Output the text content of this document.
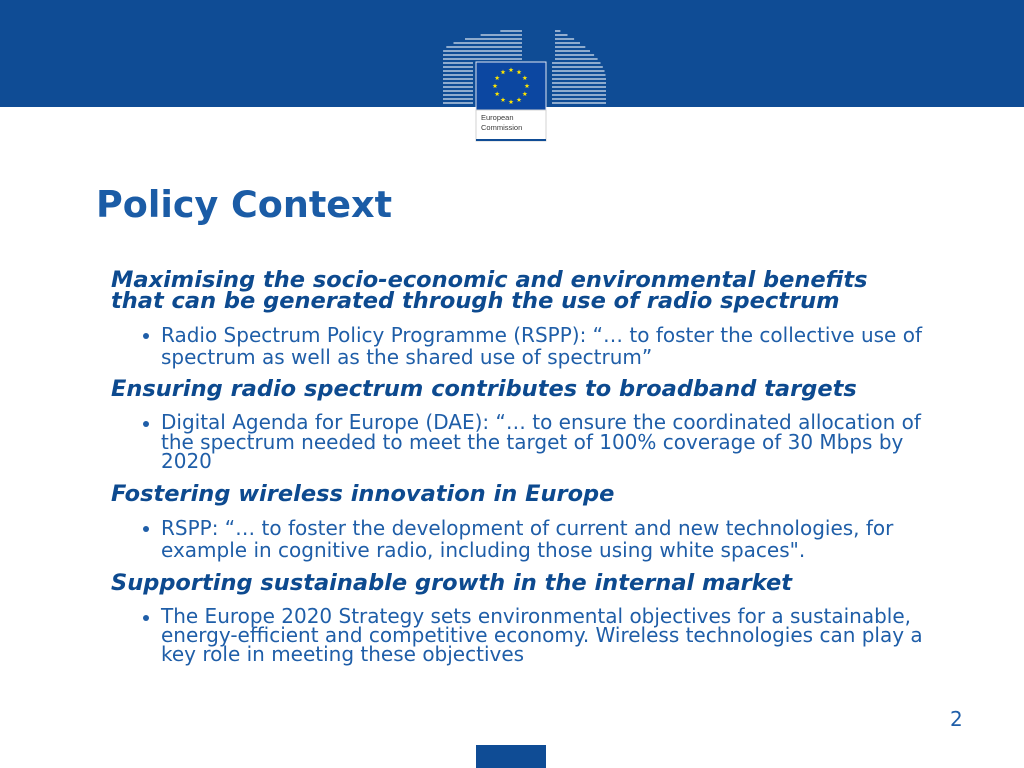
European
Commission
Policy Context

Maximising the socio-economic and environmental benefits that can be generated through the use of radio spectrum

Radio Spectrum Policy Programme (RSPP): “… to foster the collective use of spectrum as well as the shared use of spectrum”

Ensuring radio spectrum contributes to broadband targets

Digital Agenda for Europe (DAE): “… to ensure the coordinated allocation of the spectrum needed to meet the target of 100% coverage of 30 Mbps by 2020

Fostering wireless innovation in Europe

RSPP: “… to foster the development of current and new technologies, for example in cognitive radio, including those using white spaces".

Supporting sustainable growth in the internal market

The Europe 2020 Strategy sets environmental objectives for a sustainable, energy-efficient and competitive economy. Wireless technologies can play a key role in meeting these objectives

2
